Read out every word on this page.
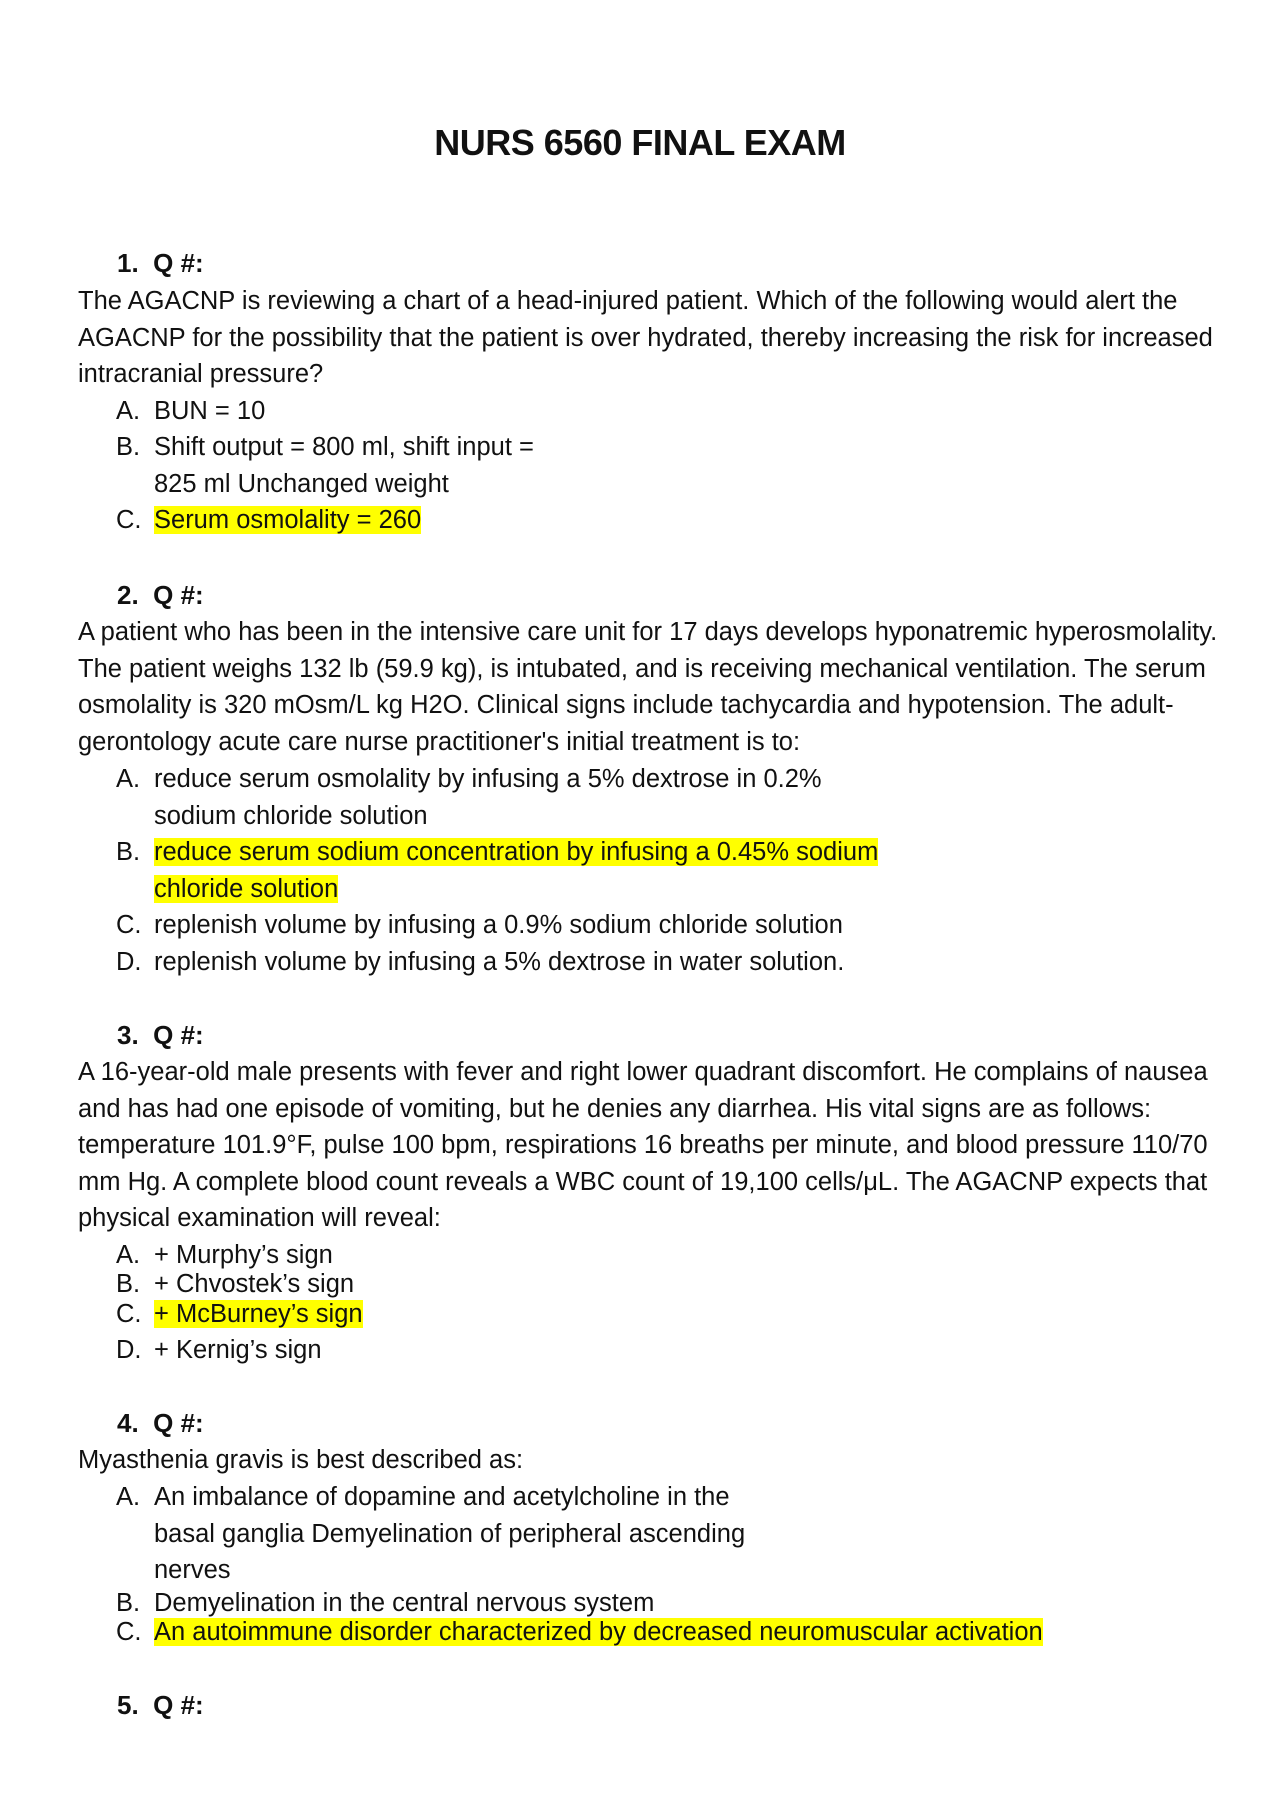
NURS 6560 FINAL EXAM
1. Q #:
The AGACNP is reviewing a chart of a head-injured patient. Which of the following would alert the AGACNP for the possibility that the patient is over hydrated, thereby increasing the risk for increased intracranial pressure?
A. BUN = 10
B. Shift output = 800 ml, shift input =
825 ml Unchanged weight
C. Serum osmolality = 260
2. Q #:
A patient who has been in the intensive care unit for 17 days develops hyponatremic hyperosmolality. The patient weighs 132 lb (59.9 kg), is intubated, and is receiving mechanical ventilation. The serum osmolality is 320 mOsm/L kg H2O. Clinical signs include tachycardia and hypotension. The adult-gerontology acute care nurse practitioner's initial treatment is to:
A. reduce serum osmolality by infusing a 5% dextrose in 0.2%
sodium chloride solution
B. reduce serum sodium concentration by infusing a 0.45% sodium
chloride solution
C. replenish volume by infusing a 0.9% sodium chloride solution
D. replenish volume by infusing a 5% dextrose in water solution.
3. Q #:
A 16-year-old male presents with fever and right lower quadrant discomfort. He complains of nausea and has had one episode of vomiting, but he denies any diarrhea. His vital signs are as follows: temperature 101.9°F, pulse 100 bpm, respirations 16 breaths per minute, and blood pressure 110/70 mm Hg. A complete blood count reveals a WBC count of 19,100 cells/μL. The AGACNP expects that physical examination will reveal:
A. + Murphy’s sign
B. + Chvostek’s sign
C. + McBurney’s sign
D. + Kernig’s sign
4. Q #:
Myasthenia gravis is best described as:
A. An imbalance of dopamine and acetylcholine in the
basal ganglia Demyelination of peripheral ascending
nerves
B. Demyelination in the central nervous system
C. An autoimmune disorder characterized by decreased neuromuscular activation
5. Q #:
